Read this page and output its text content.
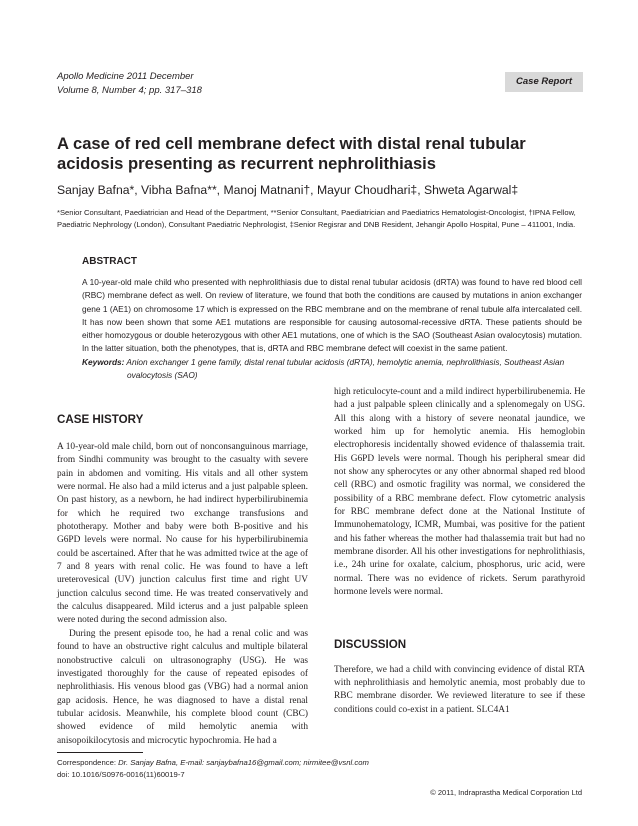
Apollo Medicine 2011 December
Volume 8, Number 4; pp. 317–318
Case Report
A case of red cell membrane defect with distal renal tubular acidosis presenting as recurrent nephrolithiasis
Sanjay Bafna*, Vibha Bafna**, Manoj Matnani†, Mayur Choudhari‡, Shweta Agarwal‡
*Senior Consultant, Paediatrician and Head of the Department, **Senior Consultant, Paediatrician and Paediatrics Hematologist-Oncologist, †IPNA Fellow, Paediatric Nephrology (London), Consultant Paediatric Nephrologist, ‡Senior Regisrar and DNB Resident, Jehangir Apollo Hospital, Pune – 411001, India.
ABSTRACT

A 10-year-old male child who presented with nephrolithiasis due to distal renal tubular acidosis (dRTA) was found to have red blood cell (RBC) membrane defect as well. On review of literature, we found that both the conditions are caused by mutations in anion exchanger gene 1 (AE1) on chromosome 17 which is expressed on the RBC membrane and on the membrane of renal tubule alfa intercalated cell. It has now been shown that some AE1 mutations are responsible for causing autosomal-recessive dRTA. These patients should be either homozygous or double heterozygous with other AE1 mutations, one of which is the SAO (Southeast Asian ovalocytosis) mutation. In the latter situation, both the phenotypes, that is, dRTA and RBC membrane defect will coexist in the same patient.

Keywords: Anion exchanger 1 gene family, distal renal tubular acidosis (dRTA), hemolytic anemia, nephrolithiasis, Southeast Asian ovalocytosis (SAO)

CASE HISTORY

A 10-year-old male child, born out of nonconsanguinous marriage, from Sindhi community was brought to the casualty with severe pain in abdomen and vomiting. His vitals and all other system were normal. He also had a mild icterus and a just palpable spleen. On past history, as a newborn, he had indirect hyperbilirubinemia for which he required two exchange transfusions and phototherapy. Mother and baby were both B-positive and his G6PD levels were normal. No cause for his hyperbilirubinemia could be ascertained. After that he was admitted twice at the age of 7 and 8 years with renal colic. He was found to have a left ureterovesical (UV) junction calculus first time and right UV junction calculus second time. He was treated conservatively and the calculus disappeared. Mild icterus and a just palpable spleen were noted during the second admission also.

During the present episode too, he had a renal colic and was found to have an obstructive right calculus and multiple bilateral nonobstructive calculi on ultrasonography (USG). He was investigated thoroughly for the cause of repeated episodes of nephrolithiasis. His venous blood gas (VBG) had a normal anion gap acidosis. Hence, he was diagnosed to have a distal renal tubular acidosis. Meanwhile, his complete blood count (CBC) showed evidence of mild hemolytic anemia with anisopoikilocytosis and microcytic hypochromia. He had a

high reticulocyte-count and a mild indirect hyperbilirubenemia. He had a just palpable spleen clinically and a splenomegaly on USG. All this along with a history of severe neonatal jaundice, we worked him up for hemolytic anemia. His hemoglobin electrophoresis incidentally showed evidence of thalassemia trait. His G6PD levels were normal. Though his peripheral smear did not show any spherocytes or any other abnormal shaped red blood cell (RBC) and osmotic fragility was normal, we considered the possibility of a RBC membrane defect. Flow cytometric analysis for RBC membrane defect done at the National Institute of Immunohematology, ICMR, Mumbai, was positive for the patient and his father whereas the mother had thalassemia trait but had no membrane disorder. All his other investigations for nephrolithiasis, i.e., 24h urine for oxalate, calcium, phosphorus, uric acid, were normal. There was no evidence of rickets. Serum parathyroid hormone levels were normal.

DISCUSSION

Therefore, we had a child with convincing evidence of distal RTA with nephrolithiasis and hemolytic anemia, most probably due to RBC membrane disorder. We reviewed literature to see if these conditions could co-exist in a patient. SLC4A1

Correspondence: Dr. Sanjay Bafna, E-mail: sanjaybafna16@gmail.com; nirmitee@vsnl.com
doi: 10.1016/S0976-0016(11)60019-7
© 2011, Indraprastha Medical Corporation Ltd
